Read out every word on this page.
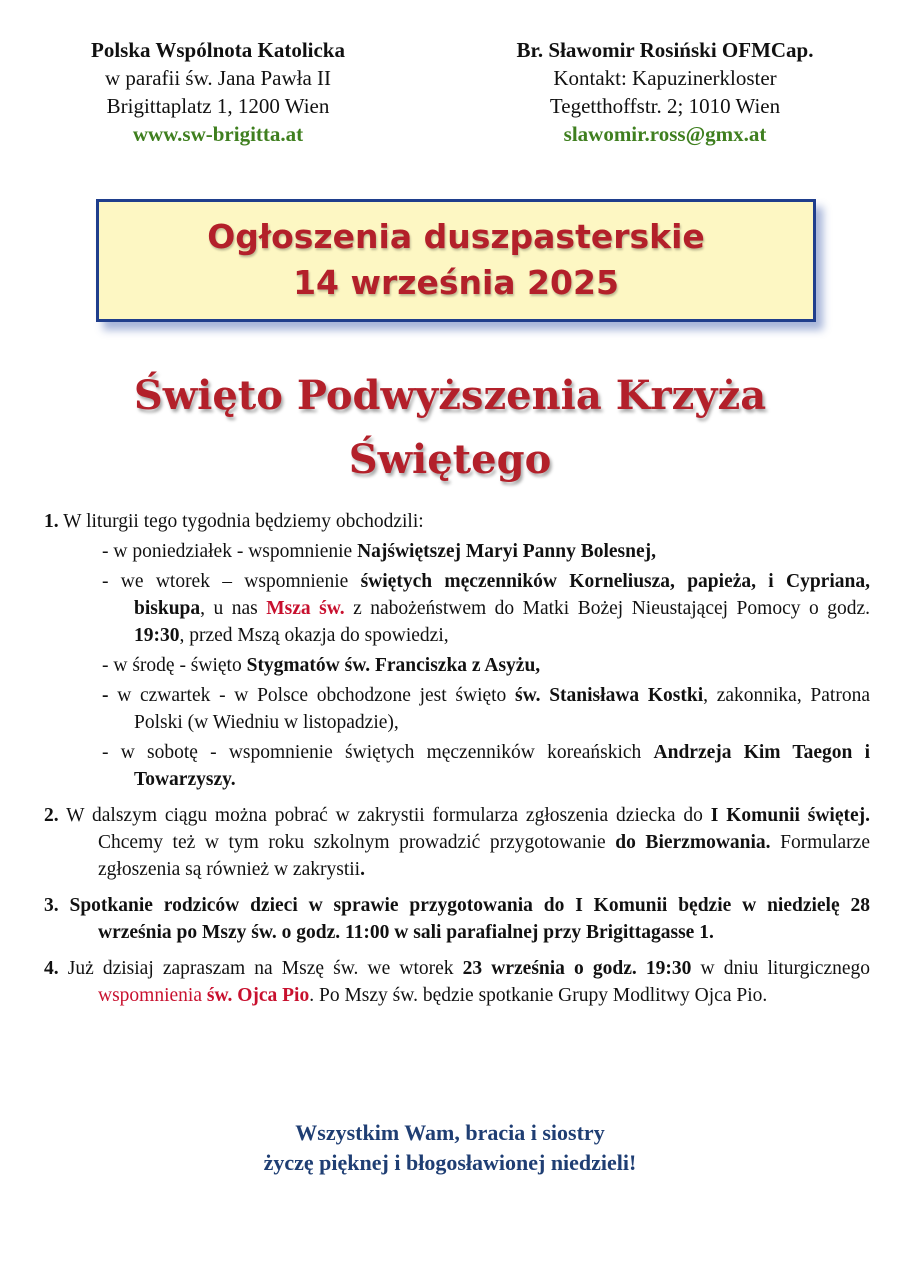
Polska Wspólnota Katolicka
w parafii św. Jana Pawła II
Brigittaplatz 1, 1200 Wien
www.sw-brigitta.at
Br. Sławomir Rosiński OFMCap.
Kontakt: Kapuzinerkloster
Tegetthoffstr. 2; 1010 Wien
slawomir.ross@gmx.at
Ogłoszenia duszpasterskie
14 września 2025
Święto Podwyższenia Krzyża
Świętego
1. W liturgii tego tygodnia będziemy obchodzili:
- w poniedziałek - wspomnienie Najświętszej Maryi Panny Bolesnej,
- we wtorek – wspomnienie świętych męczenników Korneliusza, papieża, i Cypriana, biskupa, u nas Msza św. z nabożeństwem do Matki Bożej Nieustającej Pomocy o godz. 19:30, przed Mszą okazja do spowiedzi,
- w środę - święto Stygmatów św. Franciszka z Asyżu,
- w czwartek - w Polsce obchodzone jest święto św. Stanisława Kostki, zakonnika, Patrona Polski (w Wiedniu w listopadzie),
- w sobotę - wspomnienie świętych męczenników koreańskich Andrzeja Kim Taegon i Towarzyszy.
2. W dalszym ciągu można pobrać w zakrystii formularza zgłoszenia dziecka do I Komunii świętej. Chcemy też w tym roku szkolnym prowadzić przygotowanie do Bierzmowania. Formularze zgłoszenia są również w zakrystii.
3. Spotkanie rodziców dzieci w sprawie przygotowania do I Komunii będzie w niedzielę 28 września po Mszy św. o godz. 11:00 w sali parafialnej przy Brigittagasse 1.
4. Już dzisiaj zapraszam na Mszę św. we wtorek 23 września o godz. 19:30 w dniu liturgicznego wspomnienia św. Ojca Pio. Po Mszy św. będzie spotkanie Grupy Modlitwy Ojca Pio.
Wszystkim Wam, bracia i siostry
życzę pięknej i błogosławionej niedzieli!
